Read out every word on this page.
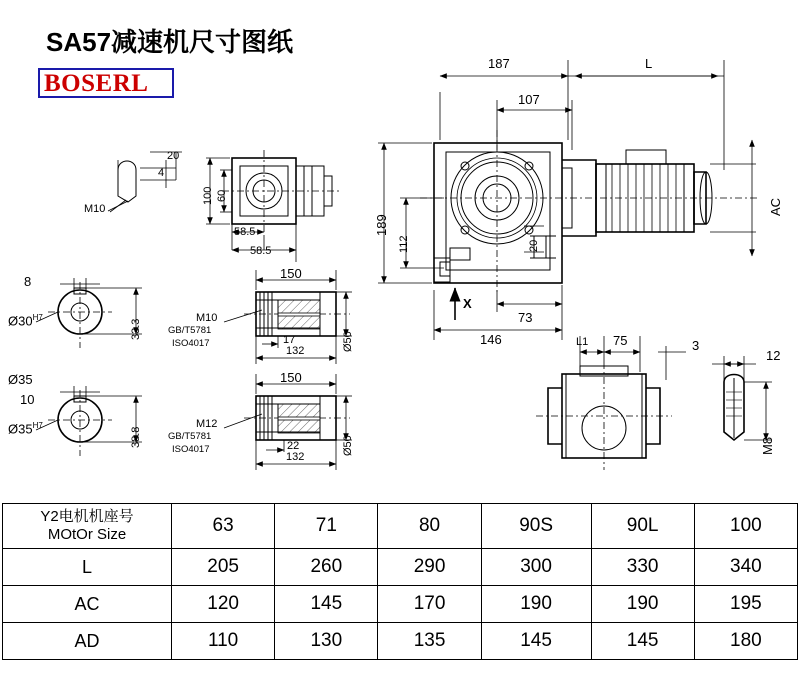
SA57减速机尺寸图纸
BOSERL
187	L
107
189
112
AC
20
20
4
100 60
58.5
58.5
M10
73
146
X
L1 75	3
12
M8
8
$Ø30^{H7}$
33.3
Ø35
10
$Ø35^{H7}$
38.8
150
M10
GB/T5781
ISO4017	17
132	Ø50
150
M12
GB/T5781
ISO4017	22
132
Ø50
Y2电机机座号
MOtOr Size	63	71	80	90S	90L	100
L	205	260	290	300	330	340
AC	120	145	170	190	190	195
AD	110	130	135	145	145	180
